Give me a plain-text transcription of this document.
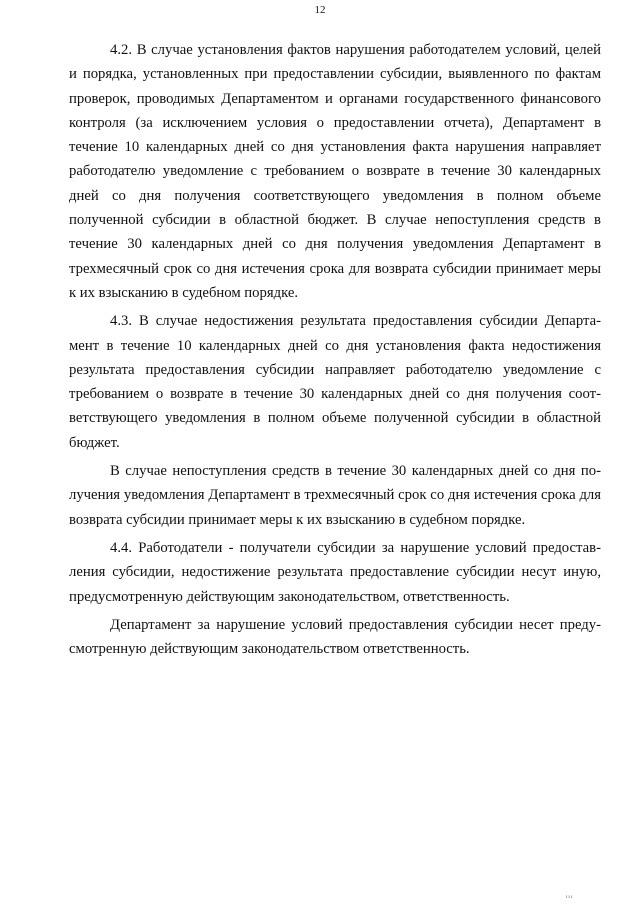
12

4.2. В случае установления фактов нарушения работодателем условий, целей и порядка, установленных при предоставлении субсидии, выявленного по фактам проверок, проводимых Департаментом и органами государственного финансового контроля (за исключением условия о предоставлении отчета), Департамент в течение 10 календарных дней со дня установления факта нарушения направляет работодателю уведомление с требованием о возврате в течение 30 календарных дней со дня получения соответствующего уведомления в полном объеме полученной субсидии в областной бюджет. В случае непоступления средств в течение 30 календарных дней со дня получения уведомления Департамент в трехмесячный срок со дня истечения срока для возврата субсидии принимает меры к их взысканию в судебном порядке.

4.3. В случае недостижения результата предоставления субсидии Департамент в течение 10 календарных дней со дня установления факта недостижения результата предоставления субсидии направляет работодателю уведомление с требованием о возврате в течение 30 календарных дней со дня получения соответствующего уведомления в полном объеме полученной субсидии в областной бюджет.

В случае непоступления средств в течение 30 календарных дней со дня получения уведомления Департамент в трехмесячный срок со дня истечения срока для возврата субсидии принимает меры к их взысканию в судебном порядке.

4.4. Работодатели - получатели субсидии за нарушение условий предоставления субсидии, недостижение результата предоставление субсидии несут иную, предусмотренную действующим законодательством, ответственность.

Департамент за нарушение условий предоставления субсидии несет предусмотренную действующим законодательством ответственность.

ııı
